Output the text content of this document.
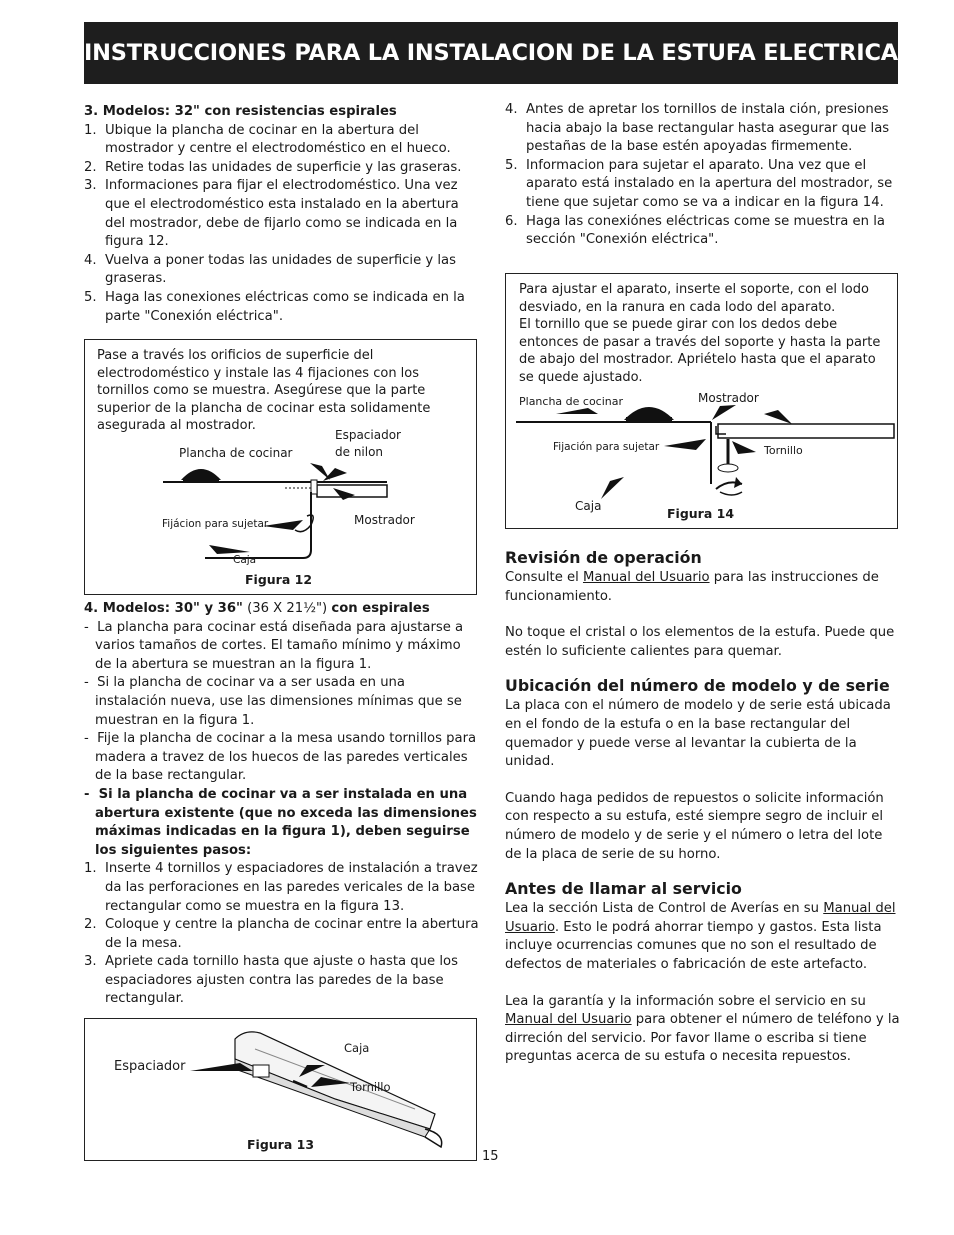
INSTRUCCIONES PARA LA INSTALACION DE LA ESTUFA ELECTRICA

3. Modelos: 32" con resistencias espirales

1.  Ubique la plancha de cocinar en la abertura del mostrador y centre el electrodoméstico en el hueco.

2.  Retire todas las unidades de superficie y las graseras.

3.  Informaciones para fijar el electrodoméstico. Una vez que el electrodoméstico esta instalado en la abertura del mostrador, debe de fijarlo como se indicada en la figura 12.

4.  Vuelva a poner todas las unidades de superficie y las graseras.

5.  Haga las conexiones eléctricas como se indicada en la parte "Conexión eléctrica".

Pase a través los orificios de superficie del electrodoméstico y instale las 4 fijaciones con los tornillos como se muestra. Asegúrese que la parte superior de la plancha de cocinar esta solidamente asegurada al mostrador.

Plancha de cocinar
Espaciador
de nilon
Fijácion para sujetar	Mostrador
Caja
Figura 12

4. Modelos: 30" y 36" (36 X 21½") con espirales

-  La plancha para cocinar está diseñada para ajustarse a varios tamaños de cortes. El tamaño mínimo y máximo de la abertura se muestran an la figura 1.

-  Si la plancha de cocinar va a ser usada en una instalación nueva, use las dimensiones mínimas que se muestran en la figura 1.

-  Fije la plancha de cocinar a la mesa usando tornillos para madera a travez de los huecos de las paredes verticales de la base rectangular.

-  Si la plancha de cocinar va a ser instalada en una abertura existente (que no exceda las dimensiones máximas indicadas en la figura 1), deben seguirse los siguientes pasos:

1.  Inserte 4 tornillos y espaciadores de instalación a travez da las perforaciones en las paredes vericales de la base rectangular como se muestra en la figura 13.

2.  Coloque y centre la plancha de cocinar entre la abertura de la mesa.

3.  Apriete cada tornillo hasta que ajuste o hasta que los espaciadores ajusten contra las paredes de la base rectangular.

Espaciador
Caja
Tornillo
Figura 13

4.  Antes de apretar los tornillos de instala ción, presiones hacia abajo la base rectangular hasta asegurar que las pestañas de la base estén apoyadas firmemente.

5.  Informacion para sujetar el aparato. Una vez que el aparato está instalado en la apertura del mostrador, se tiene que sujetar como se va a indicar en la figura 14.

6.  Haga las conexiónes eléctricas come se muestra en la sección "Conexión eléctrica".

Para ajustar el aparato, inserte el soporte, con el lodo desviado, en la ranura en cada lodo del aparato.

El tornillo que se puede girar con los dedos debe entonces de pasar a través del soporte y hasta la parte de abajo del mostrador. Apriételo hasta que el aparato se quede ajustado.

Plancha de cocinar	Mostrador
Fijación para sujetar	Tornillo
Caja	Figura 14

Revisión de operación

Consulte el Manual del Usuario para las instrucciones de funcionamiento.

No toque el cristal o los elementos de la estufa. Puede que estén lo suficiente calientes para quemar.

Ubicación del número de modelo y de serie

La placa con el número de modelo y de serie está ubicada en el fondo de la estufa o en la base rectangular del quemador y puede verse al levantar la cubierta de la unidad.

Cuando haga pedidos de repuestos o solicite información con respecto a su estufa, esté siempre segro de incluir el número de modelo y de serie y el número o letra del lote de la placa de serie de su horno.

Antes de llamar al servicio

Lea la sección Lista de Control de Averías en su Manual del Usuario. Esto le podrá ahorrar tiempo y gastos. Esta lista incluye ocurrencias comunes que no son el resultado de defectos de materiales o fabricación de este artefacto.

Lea la garantía y la información sobre el servicio en su Manual del Usuario para obtener el número de teléfono y la dirreción del servicio. Por favor llame o escriba si tiene preguntas acerca de su estufa o necesita repuestos.

15
